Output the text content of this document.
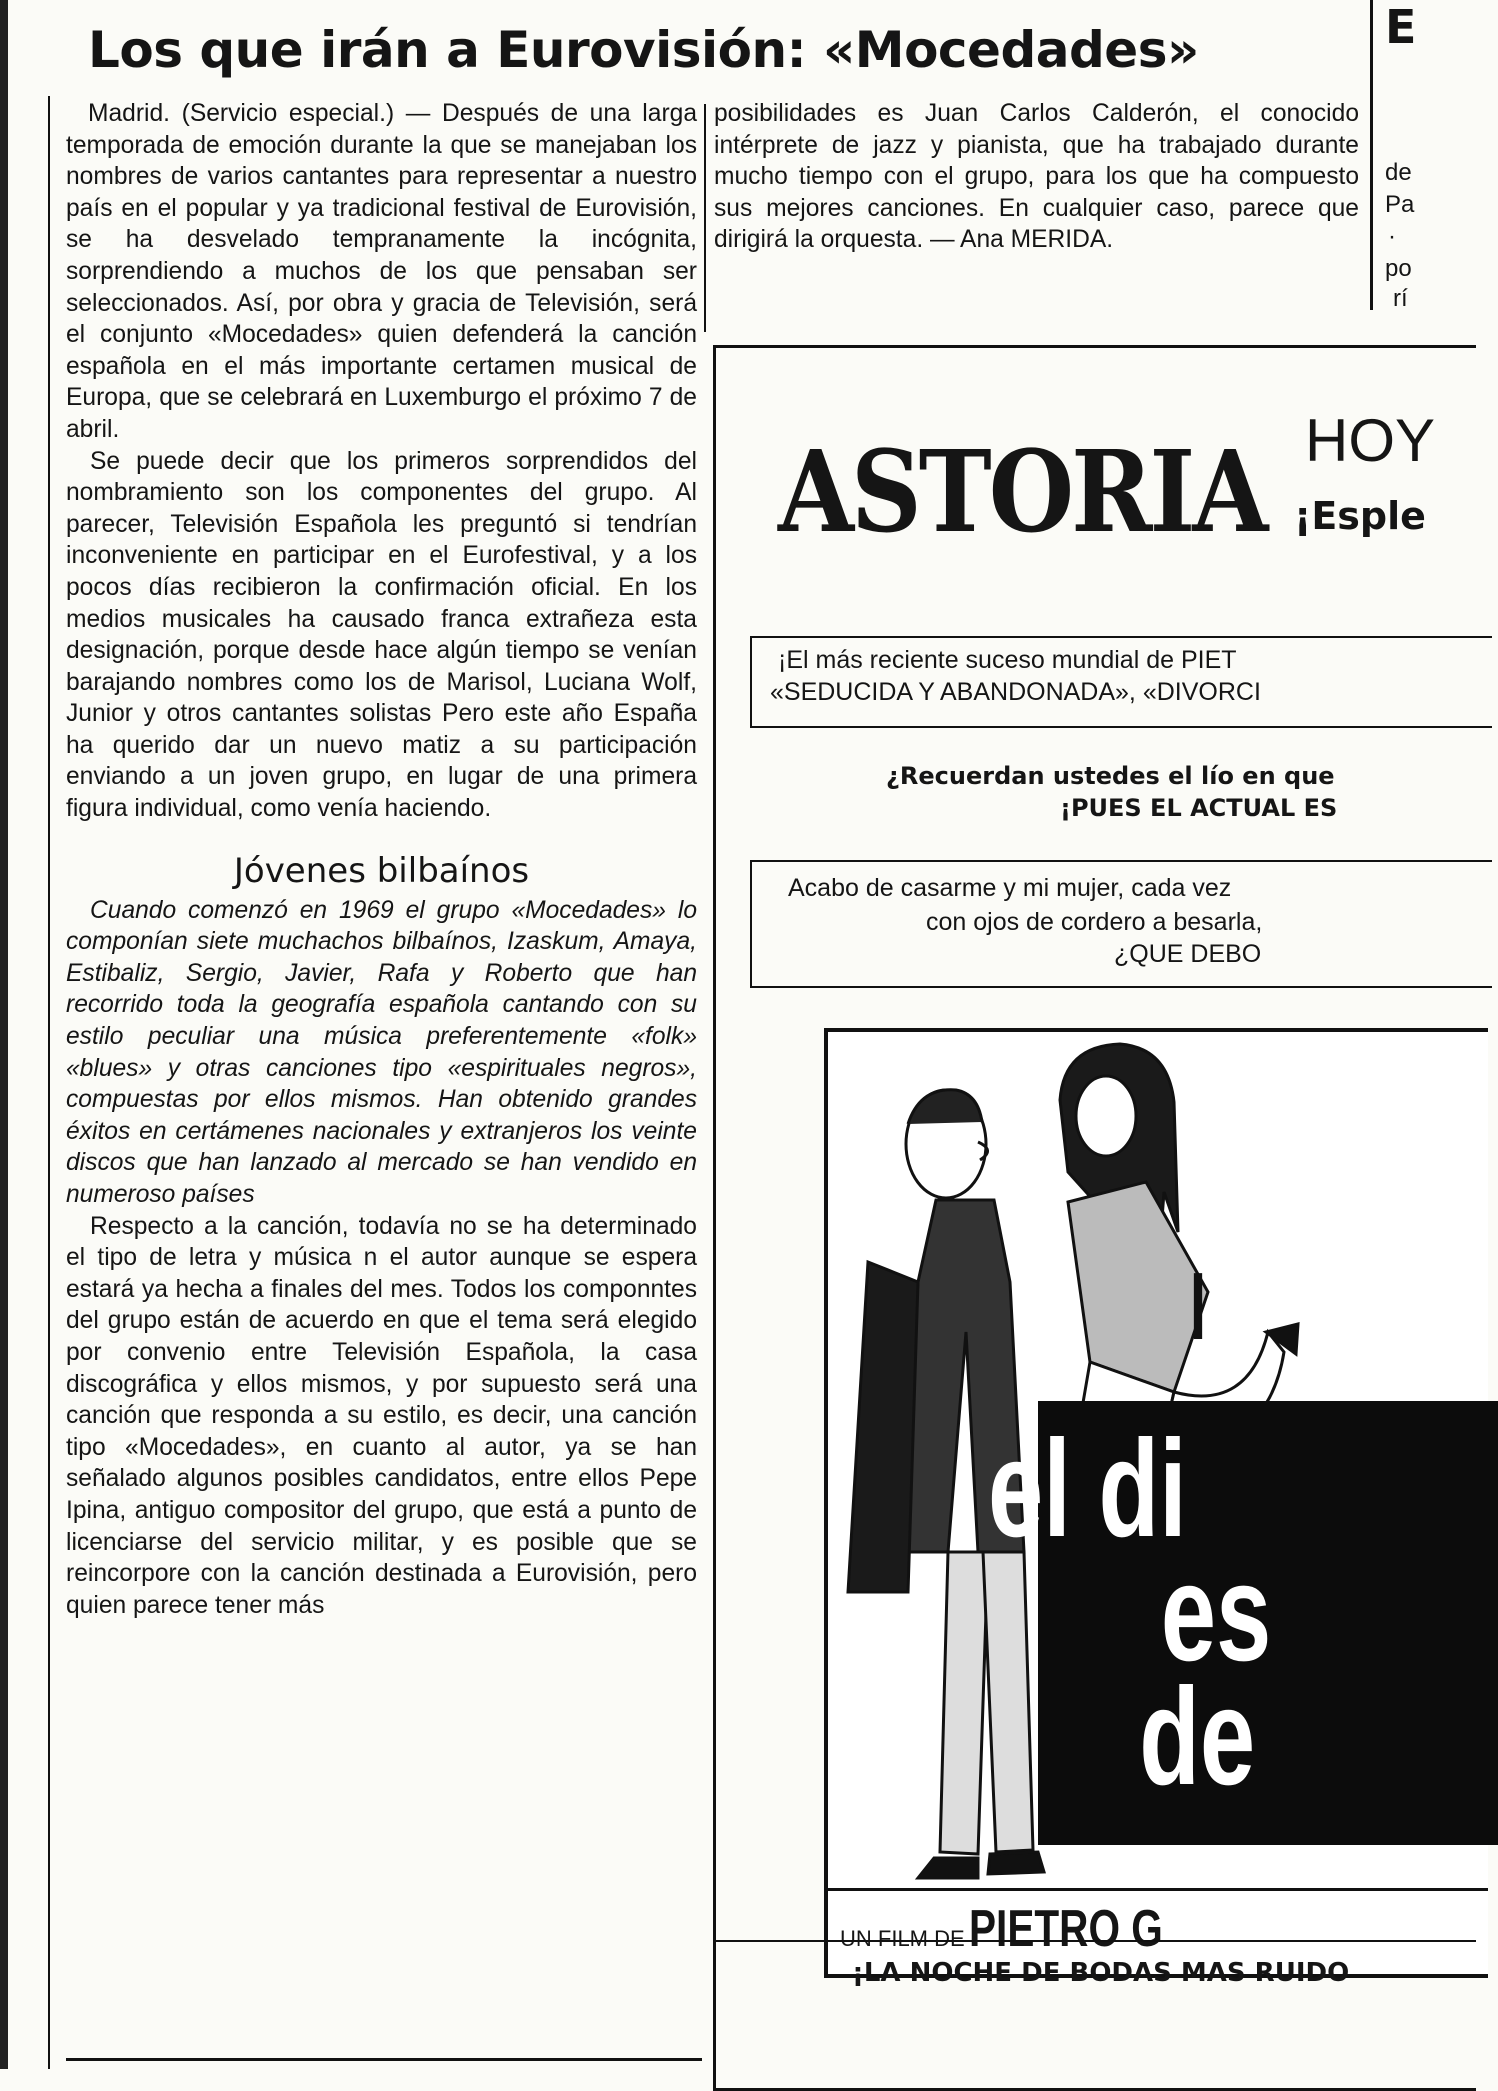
Los que irán a Eurovisión: «Mocedades»	E
de
Pa
·
po
rí

Madrid. (Servicio especial.) — Después de una larga temporada de emoción durante la que se manejaban los nombres de varios cantantes para representar a nuestro país en el popular y ya tradicional festival de Eurovisión, se ha desvelado tempranamente la incógnita, sorprendiendo a muchos de los que pensaban ser seleccionados. Así, por obra y gracia de Televisión, será el conjunto «Mocedades» quien defenderá la canción española en el más importante certamen musical de Europa, que se celebrará en Luxemburgo el próximo 7 de abril.

Se puede decir que los primeros sorprendidos del nombramiento son los componentes del grupo. Al parecer, Televisión Española les preguntó si tendrían inconveniente en participar en el Eurofestival, y a los pocos días recibieron la confirmación oficial. En los medios musicales ha causado franca extrañeza esta designación, porque desde hace algún tiempo se venían barajando nombres como los de Marisol, Luciana Wolf, Junior y otros cantantes solistas Pero este año España ha querido dar un nuevo matiz a su participación enviando a un joven grupo, en lugar de una primera figura individual, como venía haciendo.

Jóvenes bilbaínos

Cuando comenzó en 1969 el grupo «Mocedades» lo componían siete muchachos bilbaínos, Izaskum, Amaya, Estibaliz, Sergio, Javier, Rafa y Roberto que han recorrido toda la geografía española cantando con su estilo peculiar una música preferentemente «folk» «blues» y otras canciones tipo «espirituales negros», compuestas por ellos mismos. Han obtenido grandes éxitos en certámenes nacionales y extranjeros los veinte discos que han lanzado al mercado se han vendido en numeroso países

Respecto a la canción, todavía no se ha determinado el tipo de letra y música n el autor aunque se espera estará ya hecha a finales del mes. Todos los componntes del grupo están de acuerdo en que el tema será elegido por convenio entre Televisión Española, la casa discográfica y ellos mismos, y por supuesto será una canción que responda a su estilo, es decir, una canción tipo «Mocedades», en cuanto al autor, ya se han señalado algunos posibles candidatos, entre ellos Pepe Ipina, antiguo compositor del grupo, que está a punto de licenciarse del servicio militar, y es posible que se reincorpore con la canción destinada a Eurovisión, pero quien parece tener más

posibilidades es Juan Carlos Calderón, el conocido intérprete de jazz y pianista, que ha trabajado durante mucho tiempo con el grupo, para los que ha compuesto sus mejores canciones. En cualquier caso, parece que dirigirá la orquesta. — Ana MERIDA.

ASTORIA HOY
¡Esple
¡El más reciente suceso mundial de PIET
«SEDUCIDA Y ABANDONADA», «DIVORCI
¿Recuerdan ustedes el lío en que
¡PUES EL ACTUAL ES
Acabo de casarme y mi mujer, cada vez
con ojos de cordero a besarla,
¿QUE DEBO
I
el di
es
de
UN FILM DE PIETRO G
¡LA NOCHE DE BODAS MAS RUIDO
